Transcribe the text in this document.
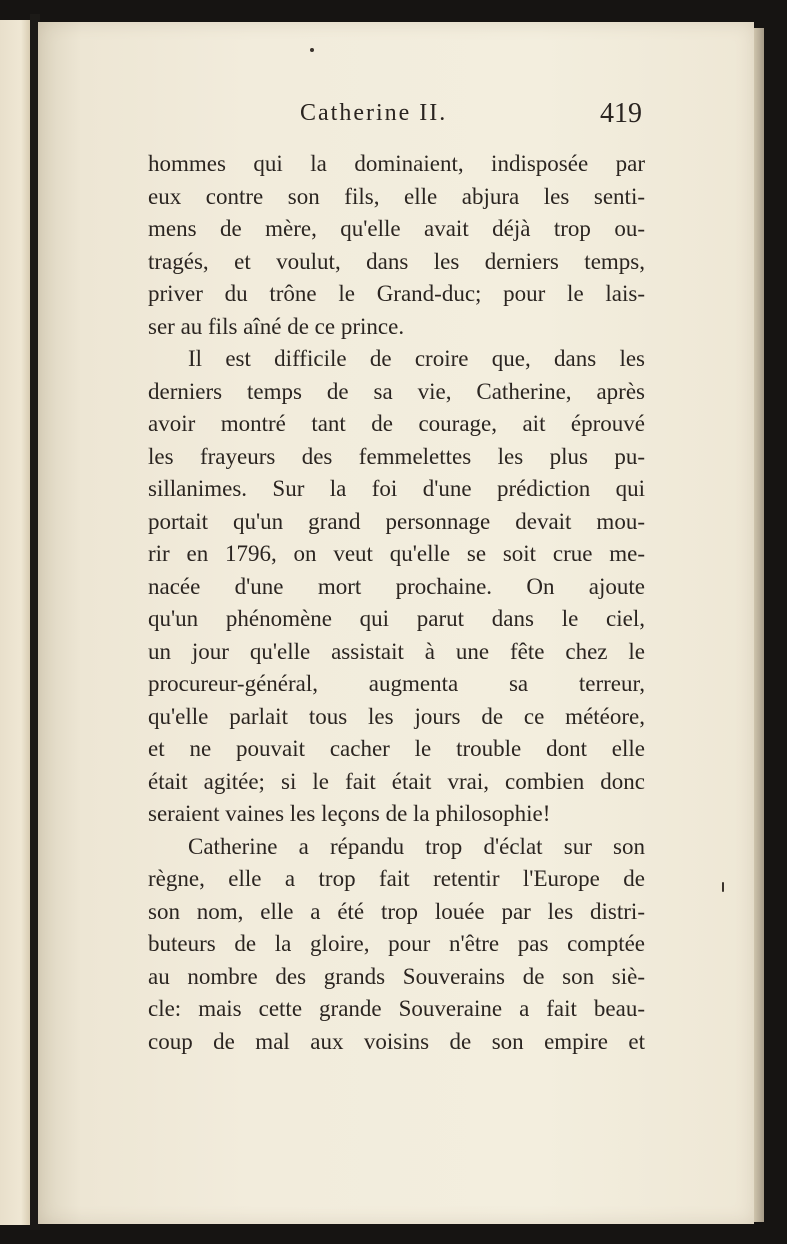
Catherine II.	419
hommes qui la dominaient, indisposée par
eux contre son fils, elle abjura les senti-
mens de mère, qu'elle avait déjà trop ou-
tragés, et voulut, dans les derniers temps,
priver du trône le Grand-duc; pour le lais-
ser au fils aîné de ce prince.
Il est difficile de croire que, dans les
derniers temps de sa vie, Catherine, après
avoir montré tant de courage, ait éprouvé
les frayeurs des femmelettes les plus pu-
sillanimes. Sur la foi d'une prédiction qui
portait qu'un grand personnage devait mou-
rir en 1796, on veut qu'elle se soit crue me-
nacée d'une mort prochaine. On ajoute
qu'un phénomène qui parut dans le ciel,
un jour qu'elle assistait à une fête chez le
procureur-général, augmenta sa terreur,
qu'elle parlait tous les jours de ce météore,
et ne pouvait cacher le trouble dont elle
était agitée; si le fait était vrai, combien donc
seraient vaines les leçons de la philosophie!
Catherine a répandu trop d'éclat sur son
règne, elle a trop fait retentir l'Europe de
son nom, elle a été trop louée par les distri-
buteurs de la gloire, pour n'être pas comptée
au nombre des grands Souverains de son siè-
cle: mais cette grande Souveraine a fait beau-
coup de mal aux voisins de son empire et
